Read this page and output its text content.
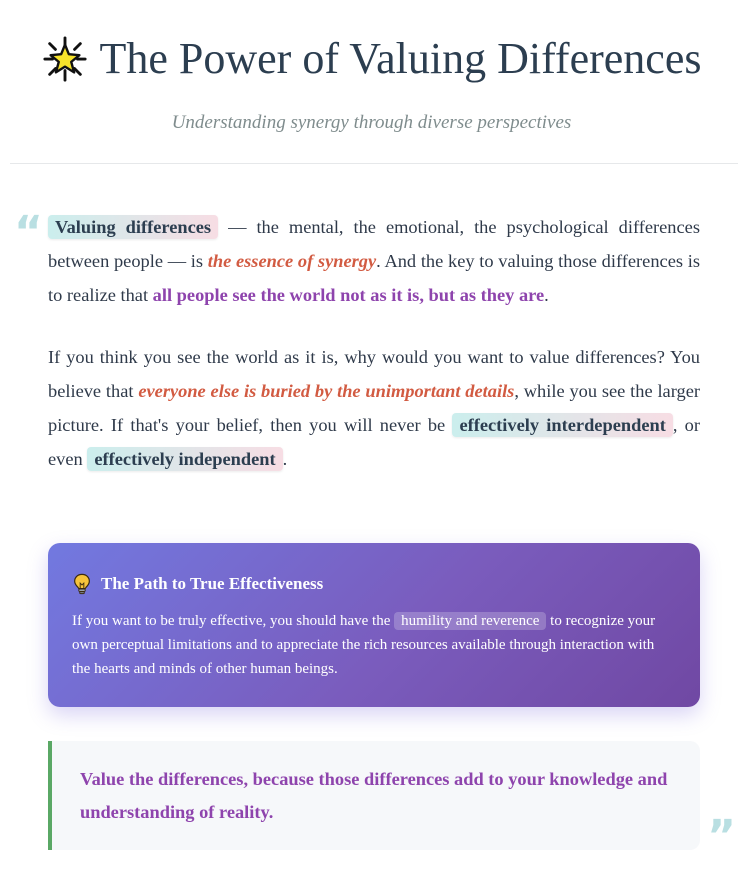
The Power of Valuing Differences
Understanding synergy through diverse perspectives
“ Valuing differences — the mental, the emotional, the psychological differences between people — is the essence of synergy. And the key to valuing those differences is to realize that all people see the world not as it is, but as they are.

If you think you see the world as it is, why would you want to value differences? You believe that everyone else is buried by the unimportant details, while you see the larger picture. If that's your belief, then you will never be effectively interdependent , or even effectively independent .

The Path to True Effectiveness
If you want to be truly effective, you should have the humility and reverence to recognize your own perceptual limitations and to appreciate the rich resources available through interaction with the hearts and minds of other human beings.

Value the differences, because those differences add to your knowledge and understanding of reality.	”
